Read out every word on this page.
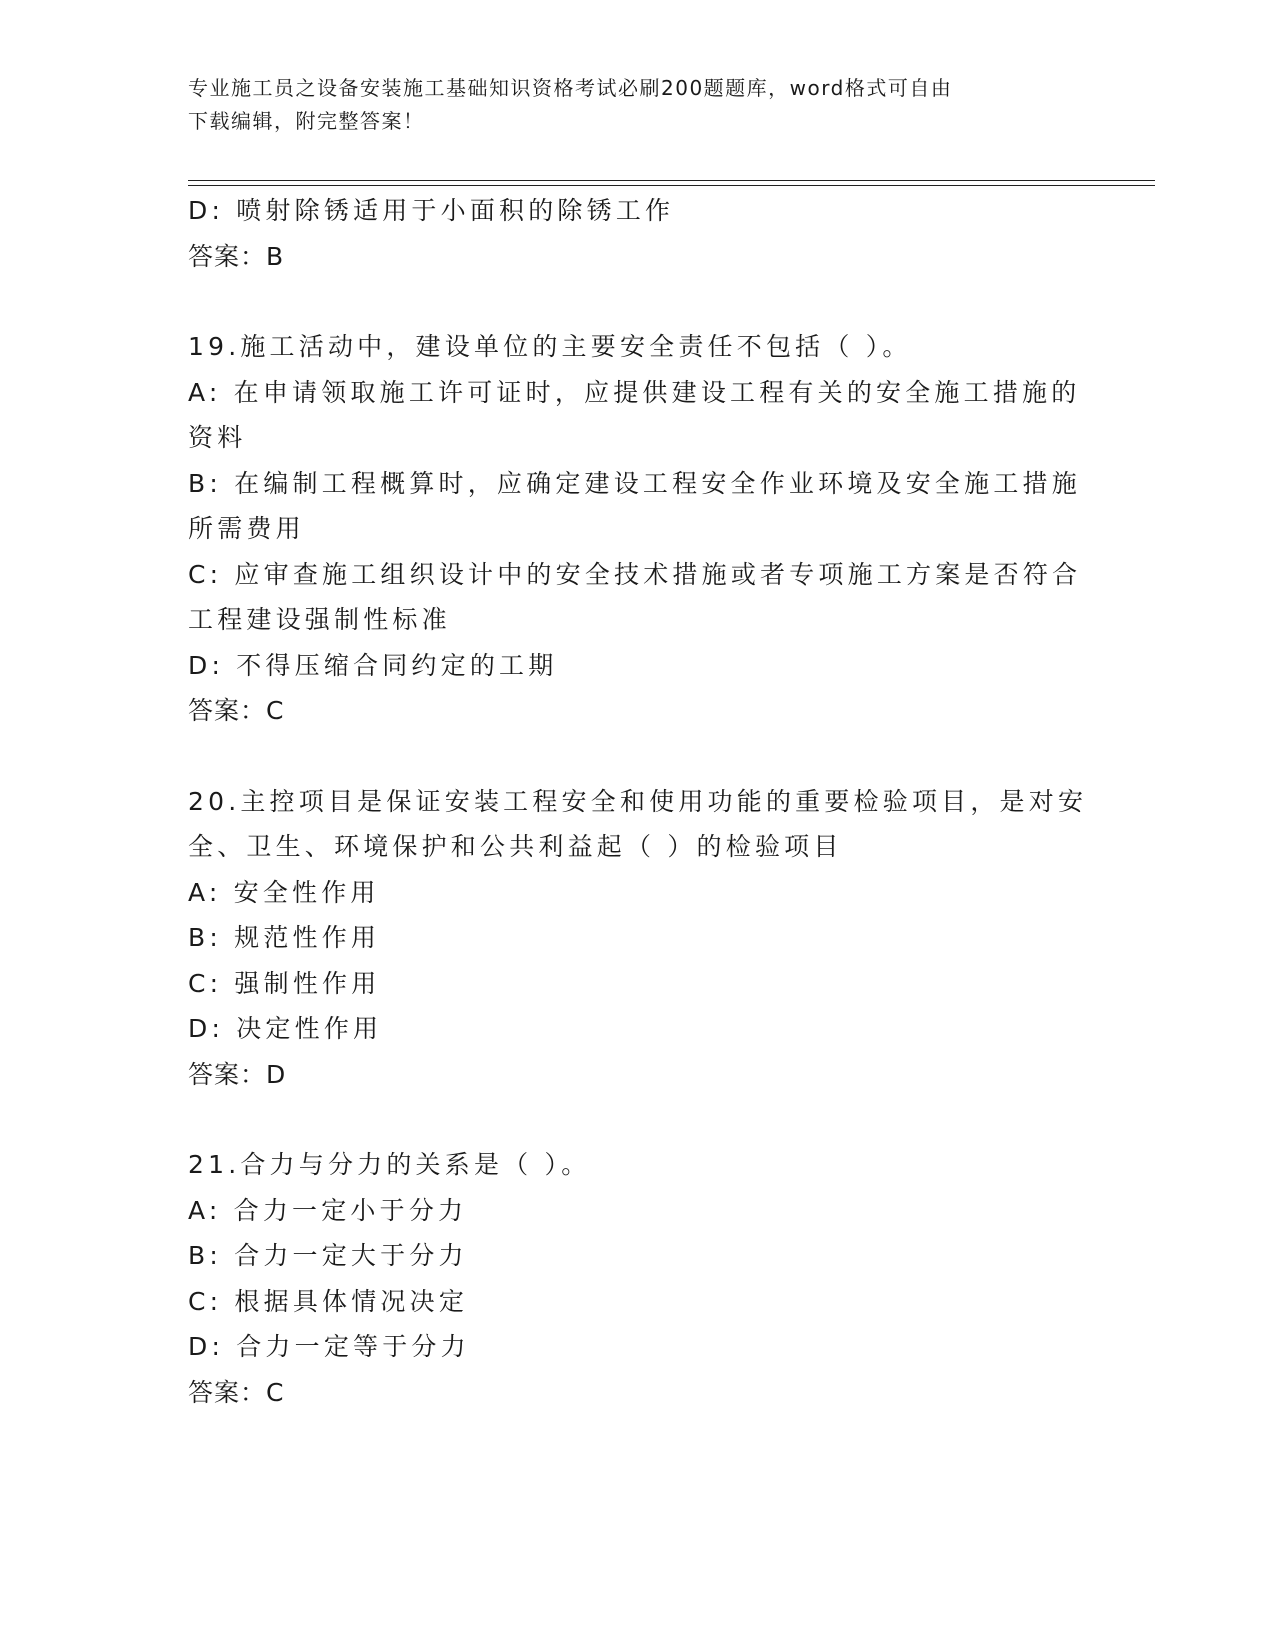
专业施工员之设备安装施工基础知识资格考试必刷200题题库，word格式可自由
下载编辑，附完整答案！
D: 喷射除锈适用于小面积的除锈工作
答案：B
19.施工活动中，建设单位的主要安全责任不包括（ ）。
A: 在申请领取施工许可证时，应提供建设工程有关的安全施工措施的
资料
B: 在编制工程概算时，应确定建设工程安全作业环境及安全施工措施
所需费用
C: 应审查施工组织设计中的安全技术措施或者专项施工方案是否符合
工程建设强制性标准
D: 不得压缩合同约定的工期
答案：C
20.主控项目是保证安装工程安全和使用功能的重要检验项目，是对安
全、卫生、环境保护和公共利益起（ ）的检验项目
A: 安全性作用
B: 规范性作用
C: 强制性作用
D: 决定性作用
答案：D
21.合力与分力的关系是（ ）。
A: 合力一定小于分力
B: 合力一定大于分力
C: 根据具体情况决定
D: 合力一定等于分力
答案：C
